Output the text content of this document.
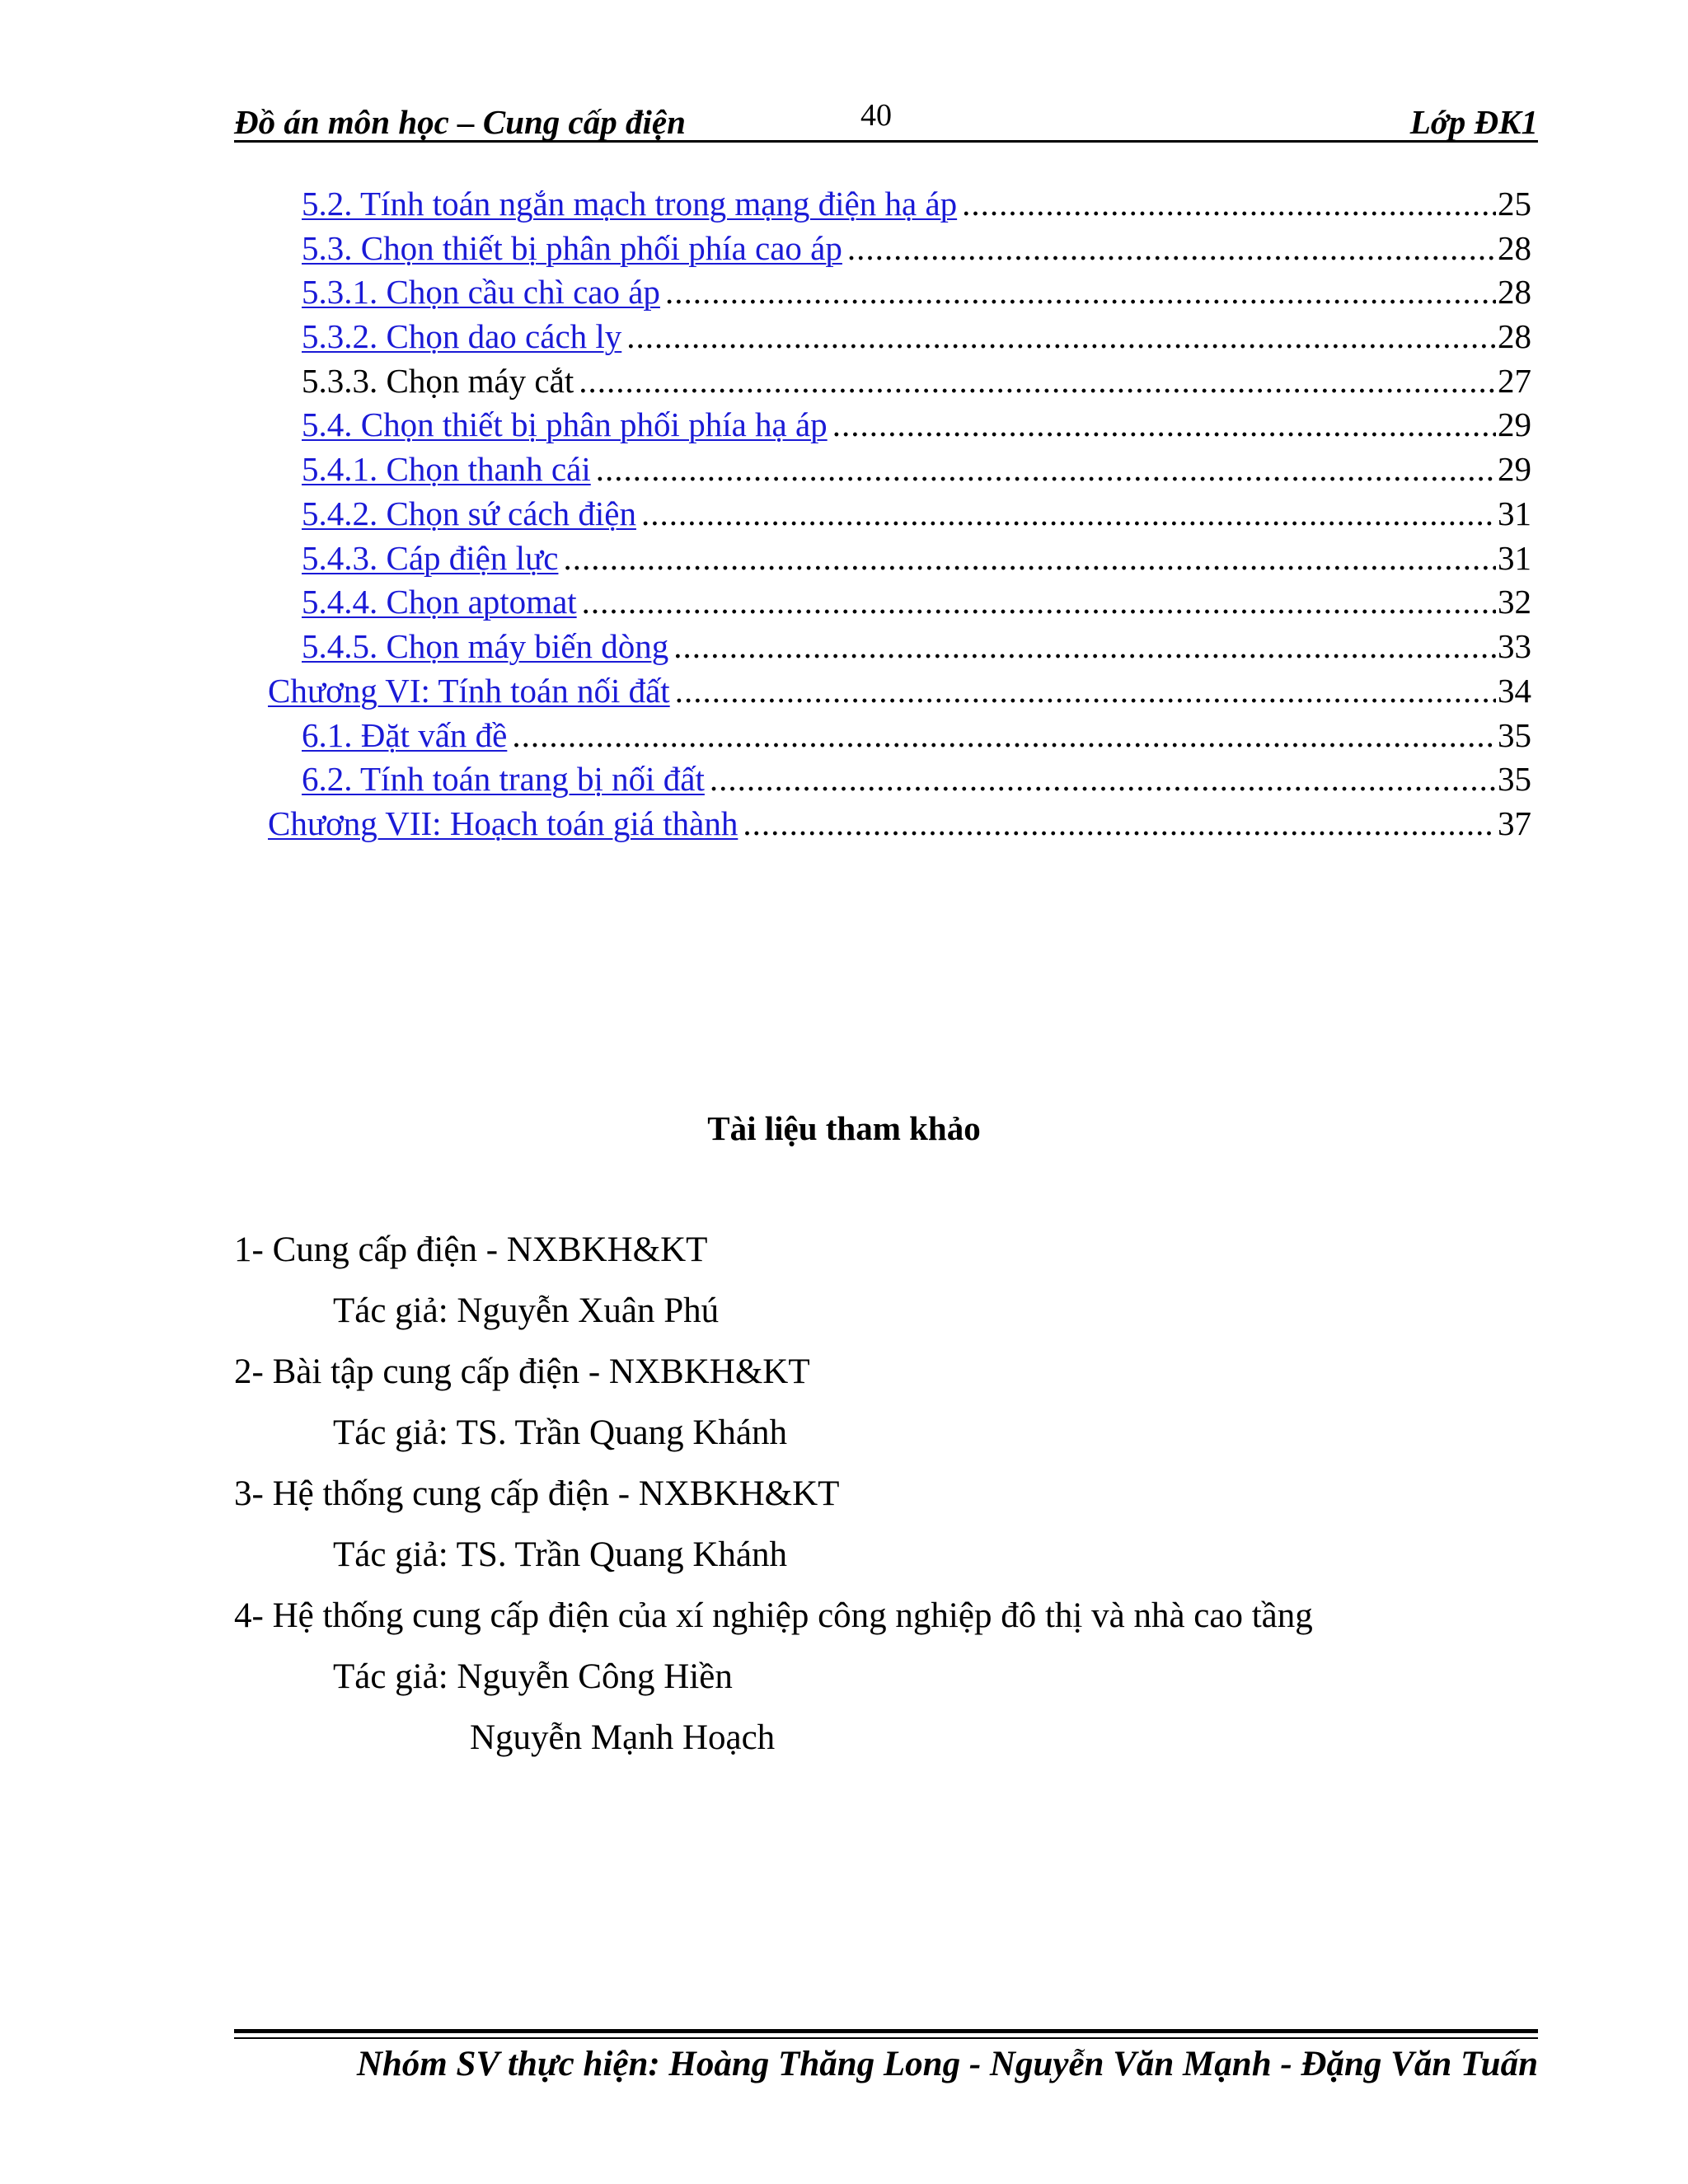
Đồ án môn học – Cung cấp điện	40	Lớp ĐK1
5.2. Tính toán ngắn mạch trong mạng điện hạ áp .....	25
5.3. Chọn thiết bị phân phối phía cao áp .....	28
5.3.1. Chọn cầu chì cao áp .....	28
5.3.2. Chọn dao cách ly .....	28
5.3.3. Chọn máy cắt .....	27
5.4. Chọn thiết bị phân phối phía hạ áp .....	29
5.4.1. Chọn thanh cái .....	29
5.4.2. Chọn sứ cách điện .....	31
5.4.3. Cáp điện lực .....	31
5.4.4. Chọn aptomat .....	32
5.4.5. Chọn máy biến dòng .....	33
Chương VI: Tính toán nối đất .....	34
6.1. Đặt vấn đề .....	35
6.2. Tính toán trang bị nối đất .....	35
Chương VII: Hoạch toán giá thành .....	37
Tài liệu tham khảo
1- Cung cấp điện - NXBKH&KT
Tác giả: Nguyễn Xuân Phú
2- Bài tập cung cấp điện - NXBKH&KT
Tác giả: TS. Trần Quang Khánh
3- Hệ thống cung cấp điện - NXBKH&KT
Tác giả: TS. Trần Quang Khánh
4- Hệ thống cung cấp điện của xí nghiệp công nghiệp đô thị và nhà cao tầng
Tác giả: Nguyễn Công Hiền
Nguyễn Mạnh Hoạch
Nhóm SV thực hiện: Hoàng Thăng Long - Nguyễn Văn Mạnh - Đặng Văn Tuấn
